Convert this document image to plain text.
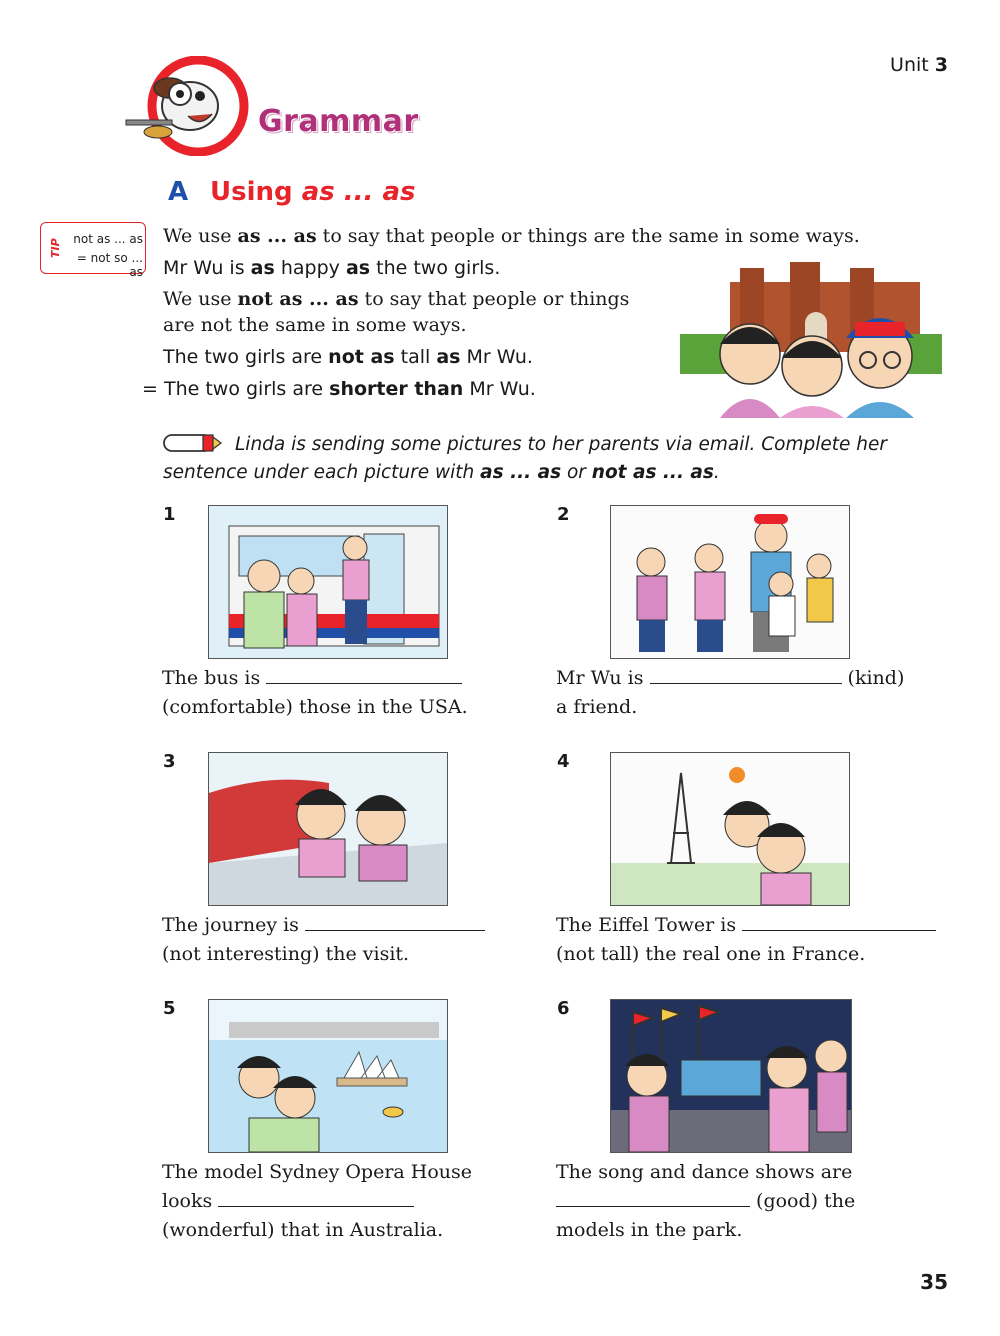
Unit 3
Grammar
A Using as ... as
TIP not as ... as
= not so ... as
We use as ... as to say that people or things are the same in some ways.
Mr Wu is as happy as the two girls.
We use not as ... as to say that people or things
are not the same in some ways.
The two girls are not as tall as Mr Wu.
= The two girls are shorter than Mr Wu.
Linda is sending some pictures to her parents via email. Complete her sentence under each picture with as ... as or not as ... as.
1
The bus is
(comfortable) those in the USA.
2
Mr Wu is	(kind)
a friend.
3
The journey is
(not interesting) the visit.
4
The Eiffel Tower is
(not tall) the real one in France.
5
The model Sydney Opera House
looks
(wonderful) that in Australia.
6
The song and dance shows are
(good) the
models in the park.
35
